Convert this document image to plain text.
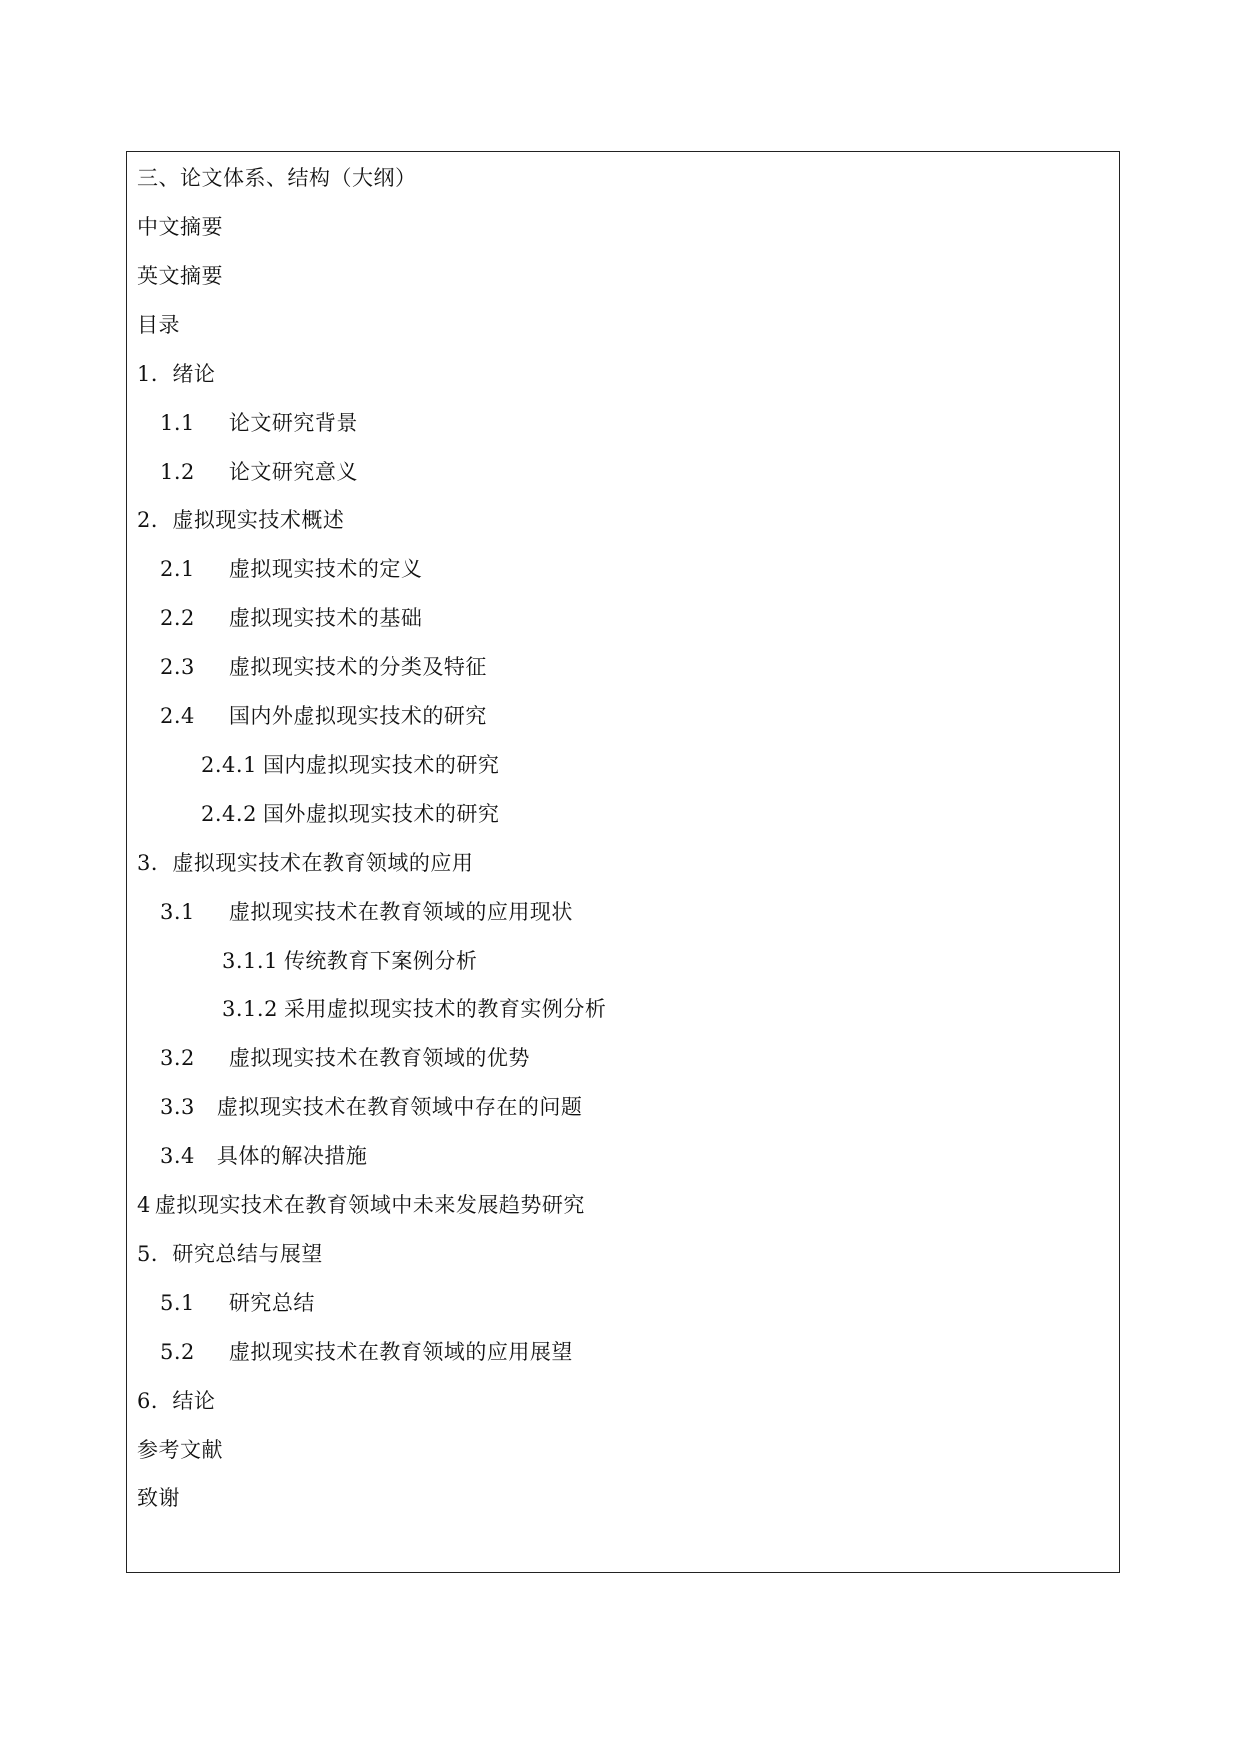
三、论文体系、结构（大纲）
中文摘要
英文摘要
目录
1．绪论
1.1 论文研究背景
1.2 论文研究意义
2．虚拟现实技术概述
2.1 虚拟现实技术的定义
2.2 虚拟现实技术的基础
2.3 虚拟现实技术的分类及特征
2.4 国内外虚拟现实技术的研究
2.4.1 国内虚拟现实技术的研究
2.4.2 国外虚拟现实技术的研究
3．虚拟现实技术在教育领域的应用
3.1 虚拟现实技术在教育领域的应用现状
3.1.1 传统教育下案例分析
3.1.2 采用虚拟现实技术的教育实例分析
3.2 虚拟现实技术在教育领域的优势
3.3 虚拟现实技术在教育领域中存在的问题
3.4 具体的解决措施
4 虚拟现实技术在教育领域中未来发展趋势研究
5．研究总结与展望
5.1 研究总结
5.2 虚拟现实技术在教育领域的应用展望
6．结论
参考文献
致谢
